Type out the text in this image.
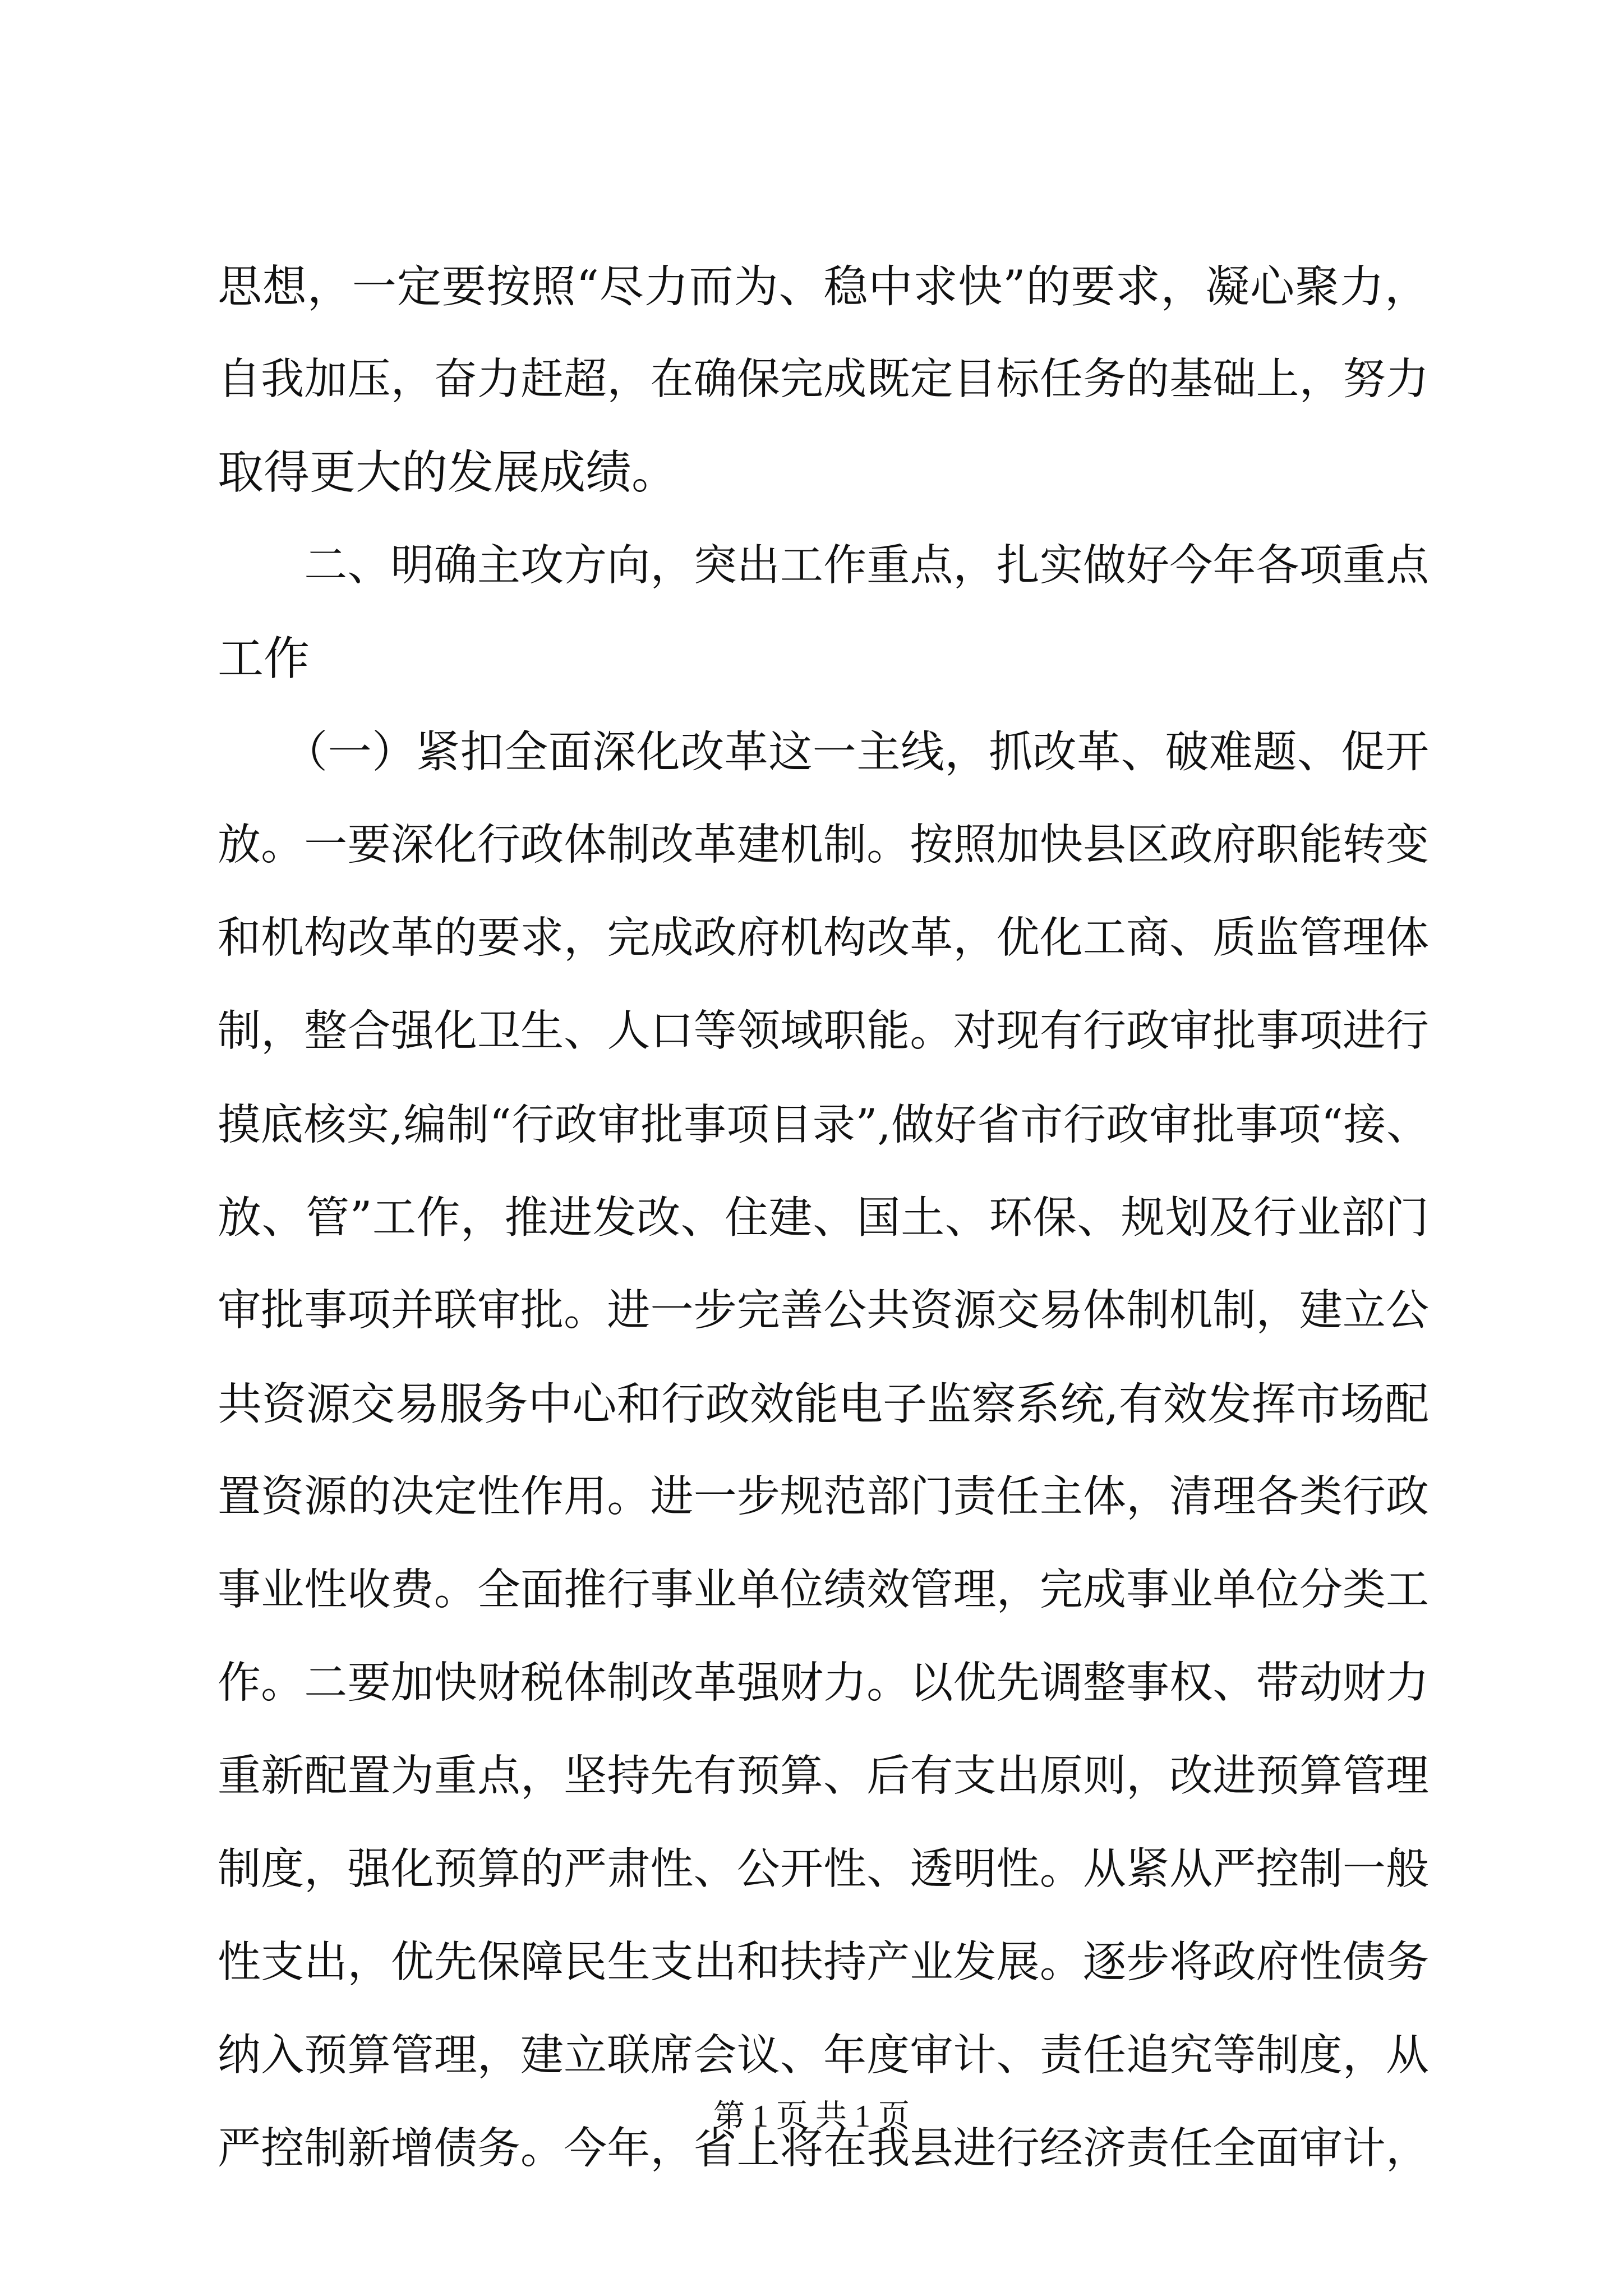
思想，一定要按照“尽力而为、稳中求快”的要求，凝心聚力，
自我加压，奋力赶超，在确保完成既定目标任务的基础上，努力
取得更大的发展成绩。
　　二、明确主攻方向，突出工作重点，扎实做好今年各项重点
工作
　　（一）紧扣全面深化改革这一主线，抓改革、破难题、促开
放。一要深化行政体制改革建机制。按照加快县区政府职能转变
和机构改革的要求，完成政府机构改革，优化工商、质监管理体
制，整合强化卫生、人口等领域职能。对现有行政审批事项进行
摸底核实,编制“行政审批事项目录”,做好省市行政审批事项“接、
放、管”工作，推进发改、住建、国土、环保、规划及行业部门
审批事项并联审批。进一步完善公共资源交易体制机制，建立公
共资源交易服务中心和行政效能电子监察系统,有效发挥市场配
置资源的决定性作用。进一步规范部门责任主体，清理各类行政
事业性收费。全面推行事业单位绩效管理，完成事业单位分类工
作。二要加快财税体制改革强财力。以优先调整事权、带动财力
重新配置为重点，坚持先有预算、后有支出原则，改进预算管理
制度，强化预算的严肃性、公开性、透明性。从紧从严控制一般
性支出，优先保障民生支出和扶持产业发展。逐步将政府性债务
纳入预算管理，建立联席会议、年度审计、责任追究等制度，从
严控制新增债务。今年，省上将在我县进行经济责任全面审计，
第 1 页 共 1 页
